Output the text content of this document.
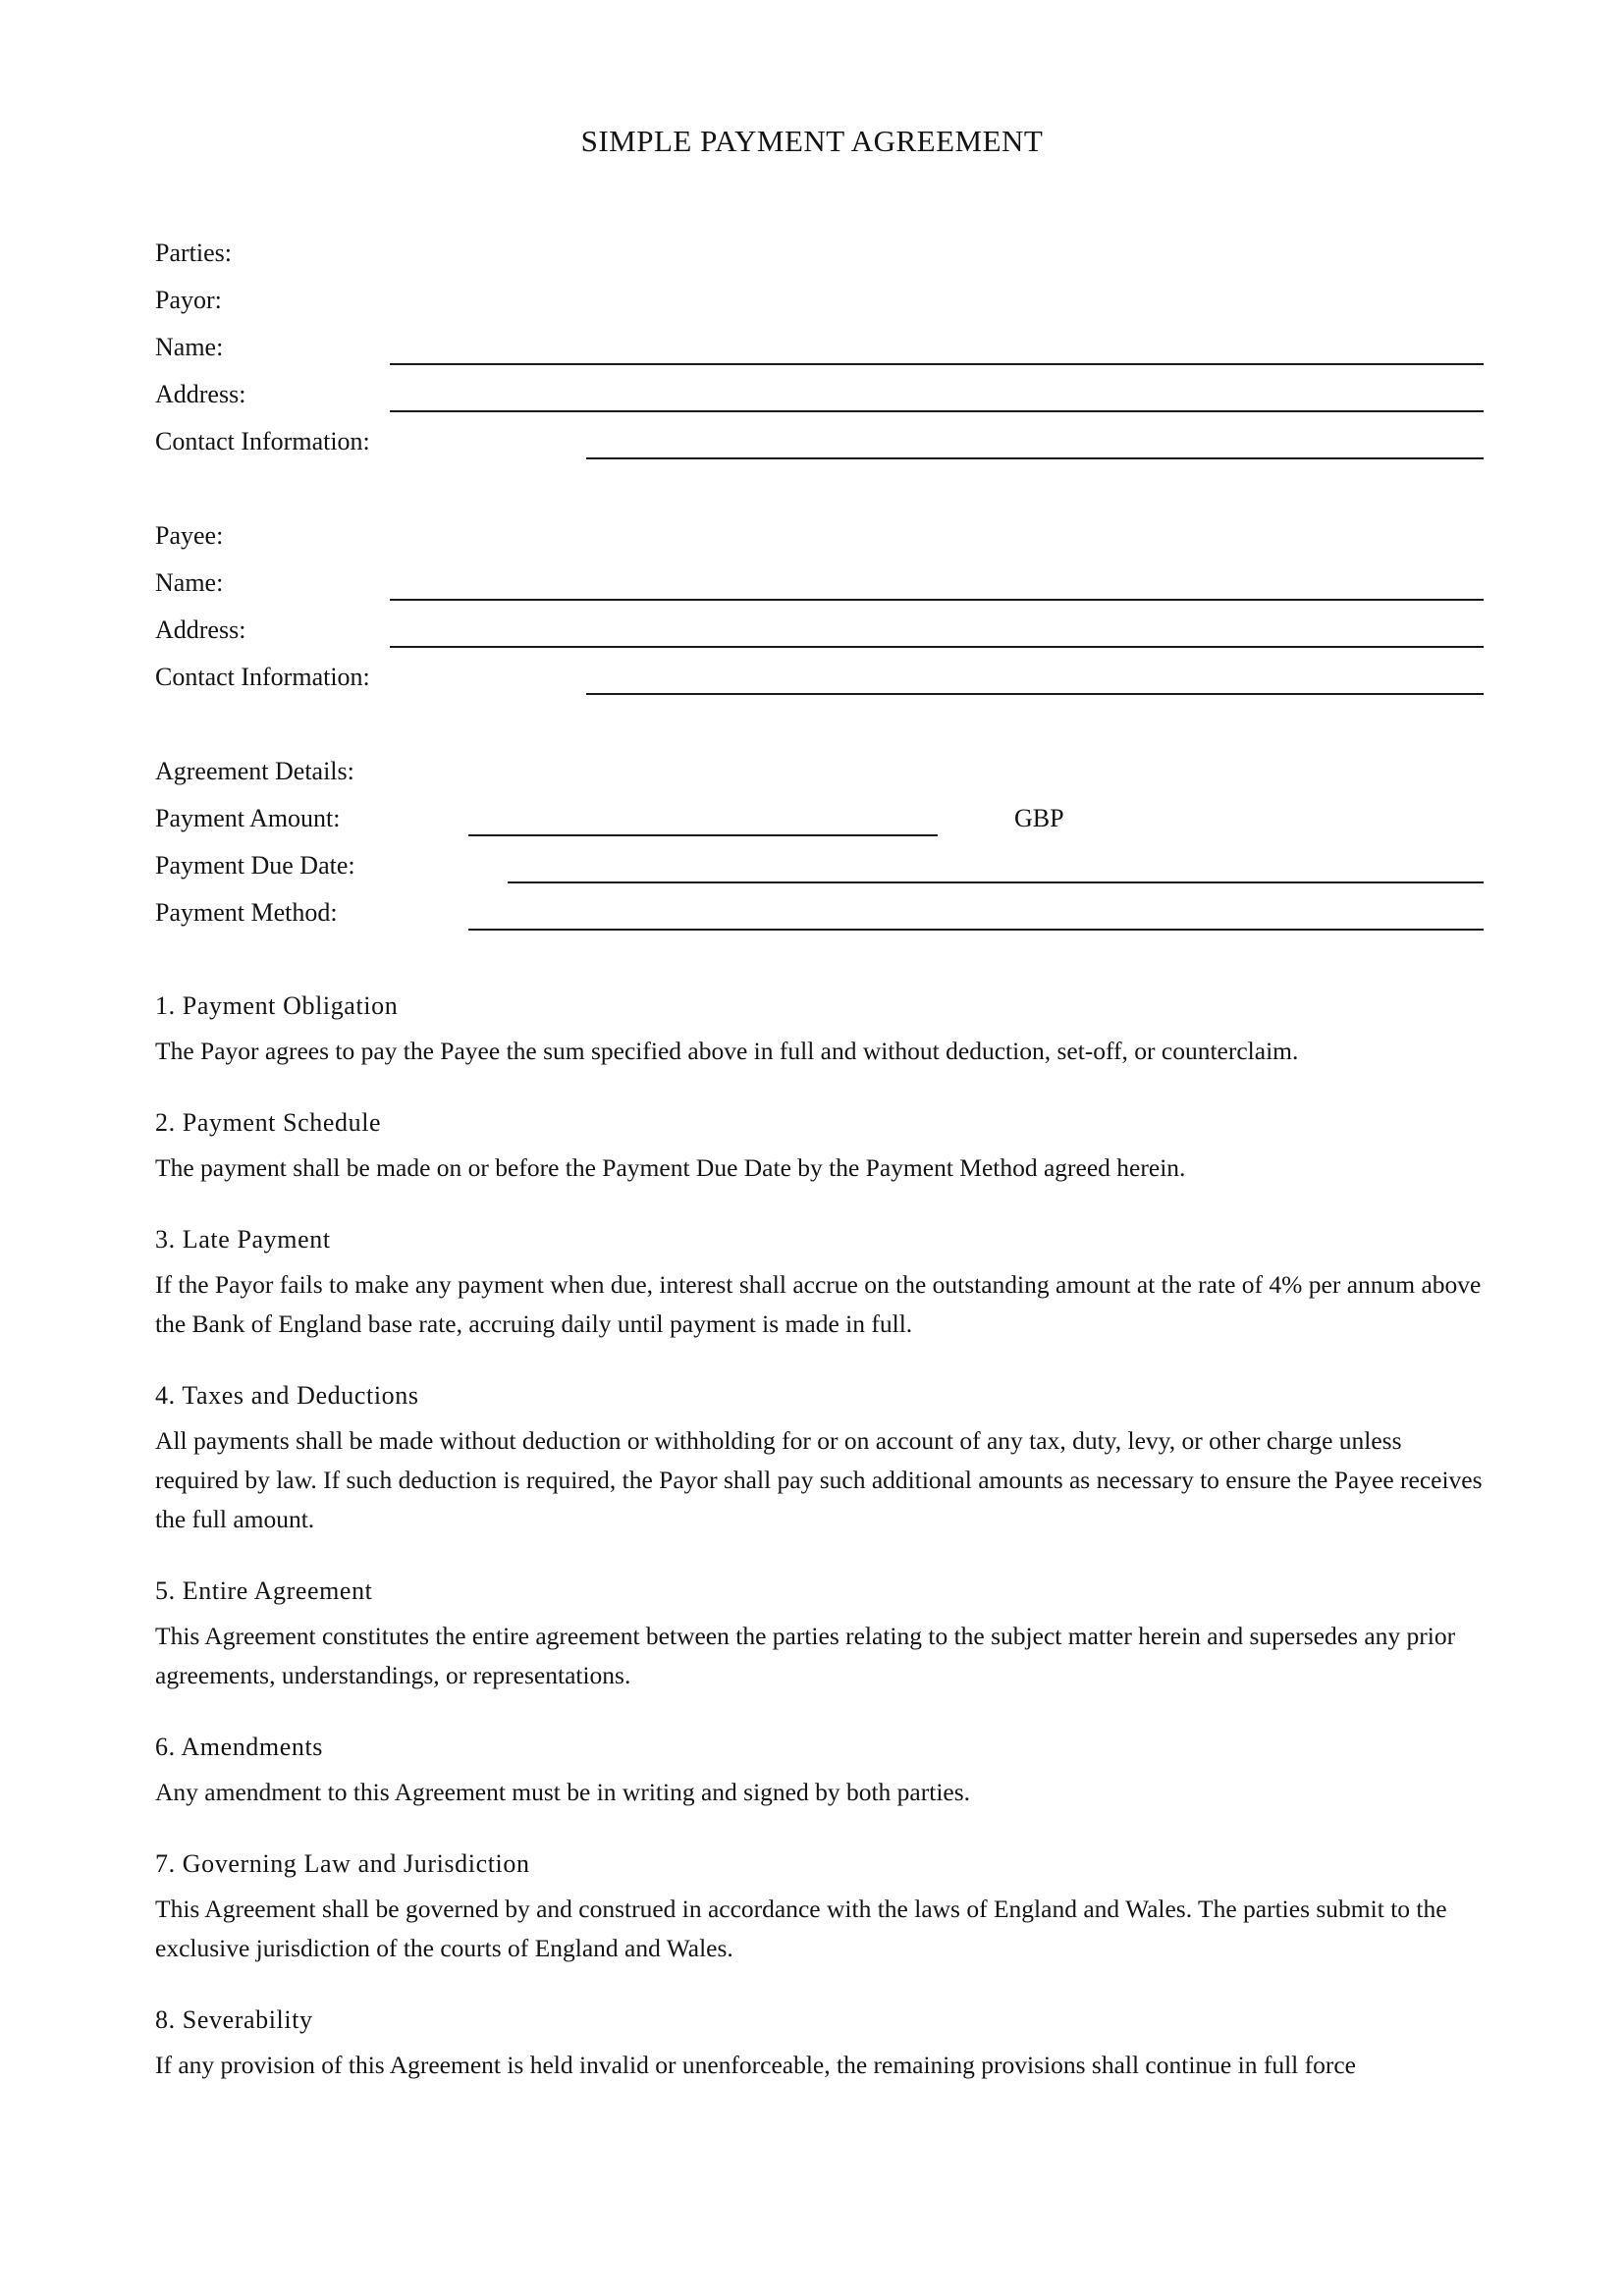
SIMPLE PAYMENT AGREEMENT
Parties:
Payor:
Name:
Address:
Contact Information:
Payee:
Name:
Address:
Contact Information:
Agreement Details:
Payment Amount:	GBP
Payment Due Date:
Payment Method:

1. Payment Obligation

The Payor agrees to pay the Payee the sum specified above in full and without deduction, set-off, or counterclaim.

2. Payment Schedule

The payment shall be made on or before the Payment Due Date by the Payment Method agreed herein.

3. Late Payment

If the Payor fails to make any payment when due, interest shall accrue on the outstanding amount at the rate of 4% per annum above the Bank of England base rate, accruing daily until payment is made in full.

4. Taxes and Deductions

All payments shall be made without deduction or withholding for or on account of any tax, duty, levy, or other charge unless required by law. If such deduction is required, the Payor shall pay such additional amounts as necessary to ensure the Payee receives the full amount.

5. Entire Agreement

This Agreement constitutes the entire agreement between the parties relating to the subject matter herein and supersedes any prior agreements, understandings, or representations.

6. Amendments

Any amendment to this Agreement must be in writing and signed by both parties.

7. Governing Law and Jurisdiction

This Agreement shall be governed by and construed in accordance with the laws of England and Wales. The parties submit to the exclusive jurisdiction of the courts of England and Wales.

8. Severability

If any provision of this Agreement is held invalid or unenforceable, the remaining provisions shall continue in full force
